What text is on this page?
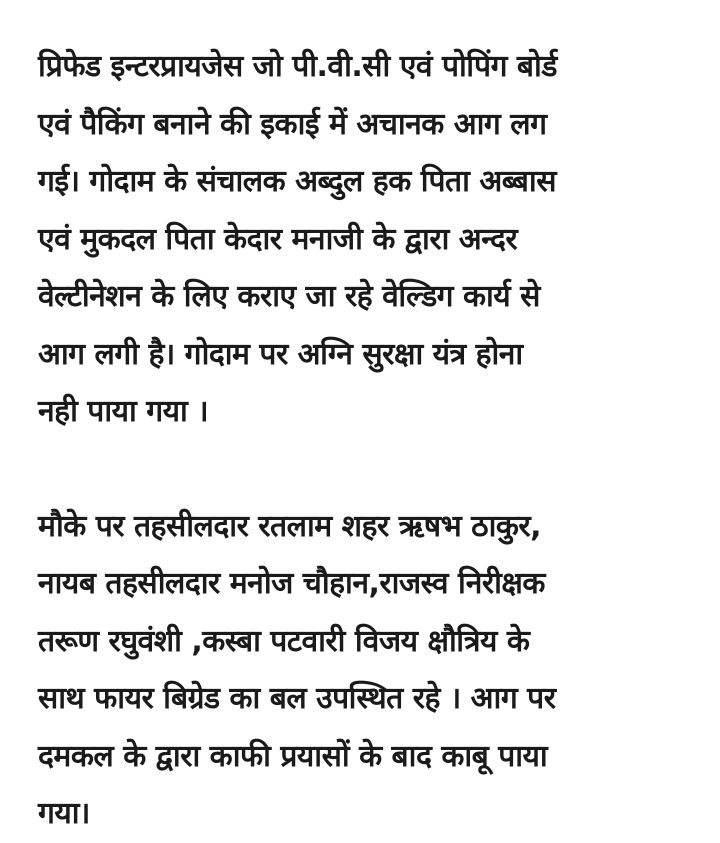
प्रिफेड इन्टरप्रायजेस जो पी.वी.सी एवं पोपिंग बोर्ड
एवं पैकिंग बनाने की इकाई में अचानक आग लग
गई। गोदाम के संचालक अब्दुल हक पिता अब्बास
एवं मुकदल पिता केदार मनाजी के द्वारा अन्दर
वेल्टीनेशन के लिए कराए जा रहे वेल्डिग कार्य से
आग लगी है। गोदाम पर अग्नि सुरक्षा यंत्र होना
नही पाया गया ।

मौके पर तहसीलदार रतलाम शहर ऋषभ ठाकुर,
नायब तहसीलदार मनोज चौहान,राजस्व निरीक्षक
तरूण रघुवंशी ,कस्बा पटवारी विजय क्षौत्रिय के
साथ फायर बिग्रेड का बल उपस्थित रहे । आग पर
दमकल के द्वारा काफी प्रयासों के बाद काबू पाया
गया।
